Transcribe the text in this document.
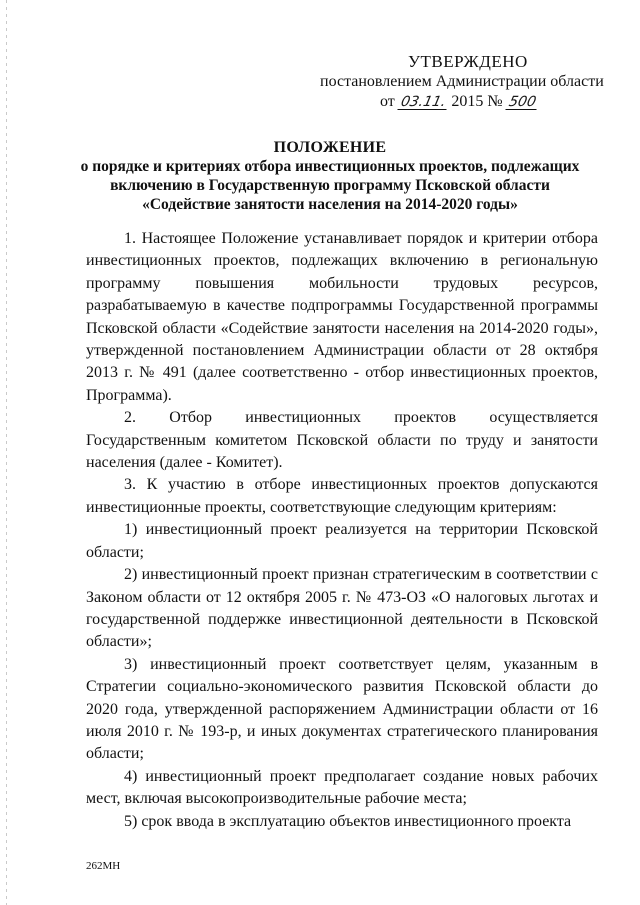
УТВЕРЖДЕНО
постановлением Администрации области
от 03.11. 2015 № 500
ПОЛОЖЕНИЕ
о порядке и критериях отбора инвестиционных проектов, подлежащих
включению в Государственную программу Псковской области
«Содействие занятости населения на 2014-2020 годы»

1. Настоящее Положение устанавливает порядок и критерии отбора инвестиционных проектов, подлежащих включению в региональную программу повышения мобильности трудовых ресурсов, разрабатываемую в качестве подпрограммы Государственной программы Псковской области «Содействие занятости населения на 2014-2020 годы», утвержденной постановлением Администрации области от 28 октября 2013 г. № 491 (далее соответственно - отбор инвестиционных проектов, Программа).

2. Отбор инвестиционных проектов осуществляется Государственным комитетом Псковской области по труду и занятости населения (далее - Комитет).

3. К участию в отборе инвестиционных проектов допускаются инвестиционные проекты, соответствующие следующим критериям:

1) инвестиционный проект реализуется на территории Псковской области;

2) инвестиционный проект признан стратегическим в соответствии с Законом области от 12 октября 2005 г. № 473-ОЗ «О налоговых льготах и государственной поддержке инвестиционной деятельности в Псковской области»;

3) инвестиционный проект соответствует целям, указанным в Стратегии социально-экономического развития Псковской области до 2020 года, утвержденной распоряжением Администрации области от 16 июля 2010 г. № 193-р, и иных документах стратегического планирования области;

4) инвестиционный проект предполагает создание новых рабочих мест, включая высокопроизводительные рабочие места;

5) срок ввода в эксплуатацию объектов инвестиционного проекта

262МН
